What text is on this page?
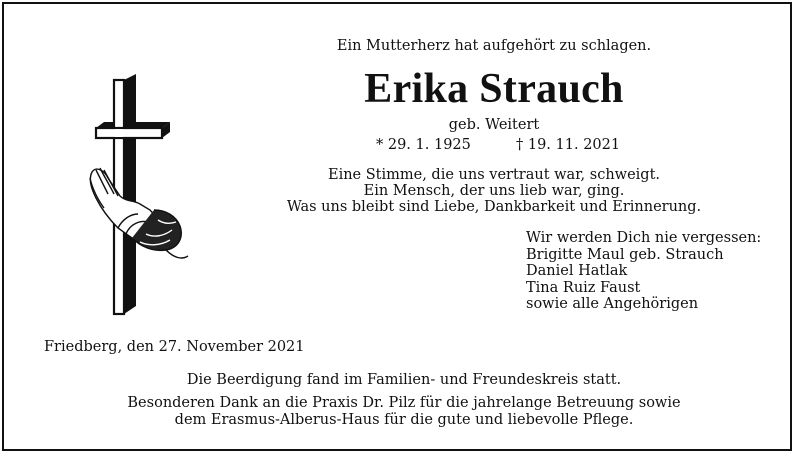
Ein Mutterherz hat aufgehört zu schlagen.
Erika Strauch
geb. Weitert
* 29. 1. 1925	† 19. 11. 2021
Eine Stimme, die uns vertraut war, schweigt.
Ein Mensch, der uns lieb war, ging.
Was uns bleibt sind Liebe, Dankbarkeit und Erinnerung.
Wir werden Dich nie vergessen:
Brigitte Maul geb. Strauch
Daniel Hatlak
Tina Ruiz Faust
sowie alle Angehörigen
Friedberg, den 27. November 2021
Die Beerdigung fand im Familien- und Freundeskreis statt.
Besonderen Dank an die Praxis Dr. Pilz für die jahrelange Betreuung sowie
dem Erasmus-Alberus-Haus für die gute und liebevolle Pflege.
